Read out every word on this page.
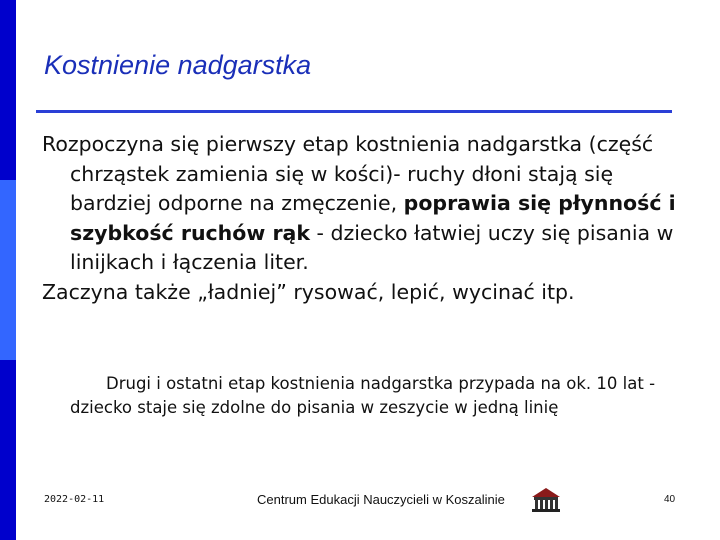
Kostnienie nadgarstka

Rozpoczyna się pierwszy etap kostnienia nadgarstka (część chrząstek zamienia się w kości)- ruchy dłoni stają się bardziej odporne na zmęczenie, poprawia się płynność i szybkość ruchów rąk - dziecko łatwiej uczy się pisania w linijkach i łączenia liter.

Zaczyna także „ładniej” rysować, lepić, wycinać itp.

Drugi i ostatni etap kostnienia nadgarstka przypada na ok. 10 lat - dziecko staje się zdolne do pisania w zeszycie w jedną linię
2022-02-11	Centrum Edukacji Nauczycieli w Koszalinie	40
